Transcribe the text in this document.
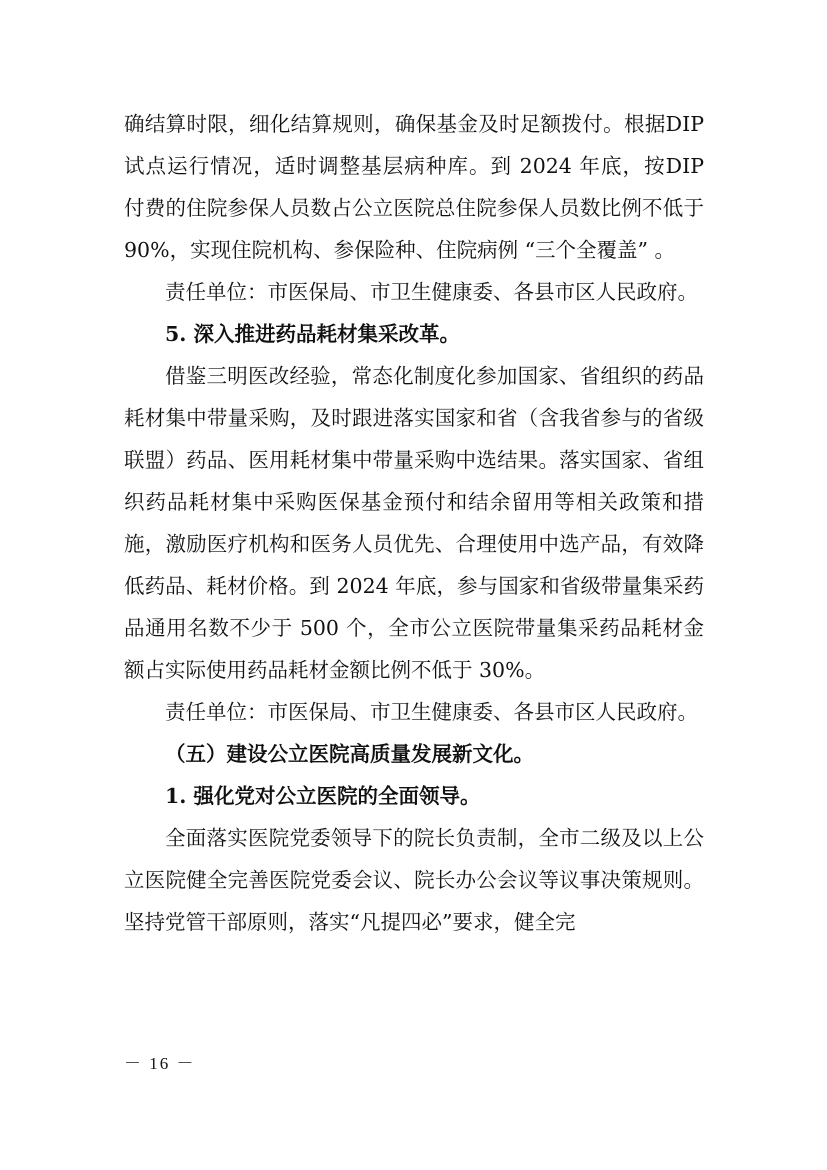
确结算时限，细化结算规则，确保基金及时足额拨付。根据DIP 试点运行情况，适时调整基层病种库。到 2024 年底，按DIP 付费的住院参保人员数占公立医院总住院参保人员数比例不低于 90%，实现住院机构、参保险种、住院病例 “三个全覆盖” 。

责任单位：市医保局、市卫生健康委、各县市区人民政府。

5. 深入推进药品耗材集采改革。

借鉴三明医改经验，常态化制度化参加国家、省组织的药品耗材集中带量采购，及时跟进落实国家和省（含我省参与的省级联盟）药品、医用耗材集中带量采购中选结果。落实国家、省组织药品耗材集中采购医保基金预付和结余留用等相关政策和措施，激励医疗机构和医务人员优先、合理使用中选产品，有效降低药品、耗材价格。到 2024 年底，参与国家和省级带量集采药品通用名数不少于 500 个，全市公立医院带量集采药品耗材金额占实际使用药品耗材金额比例不低于 30%。

责任单位：市医保局、市卫生健康委、各县市区人民政府。

（五）建设公立医院高质量发展新文化。

1. 强化党对公立医院的全面领导。

全面落实医院党委领导下的院长负责制，全市二级及以上公立医院健全完善医院党委会议、院长办公会议等议事决策规则。坚持党管干部原则，落实“凡提四必”要求，健全完

－ 16 －
